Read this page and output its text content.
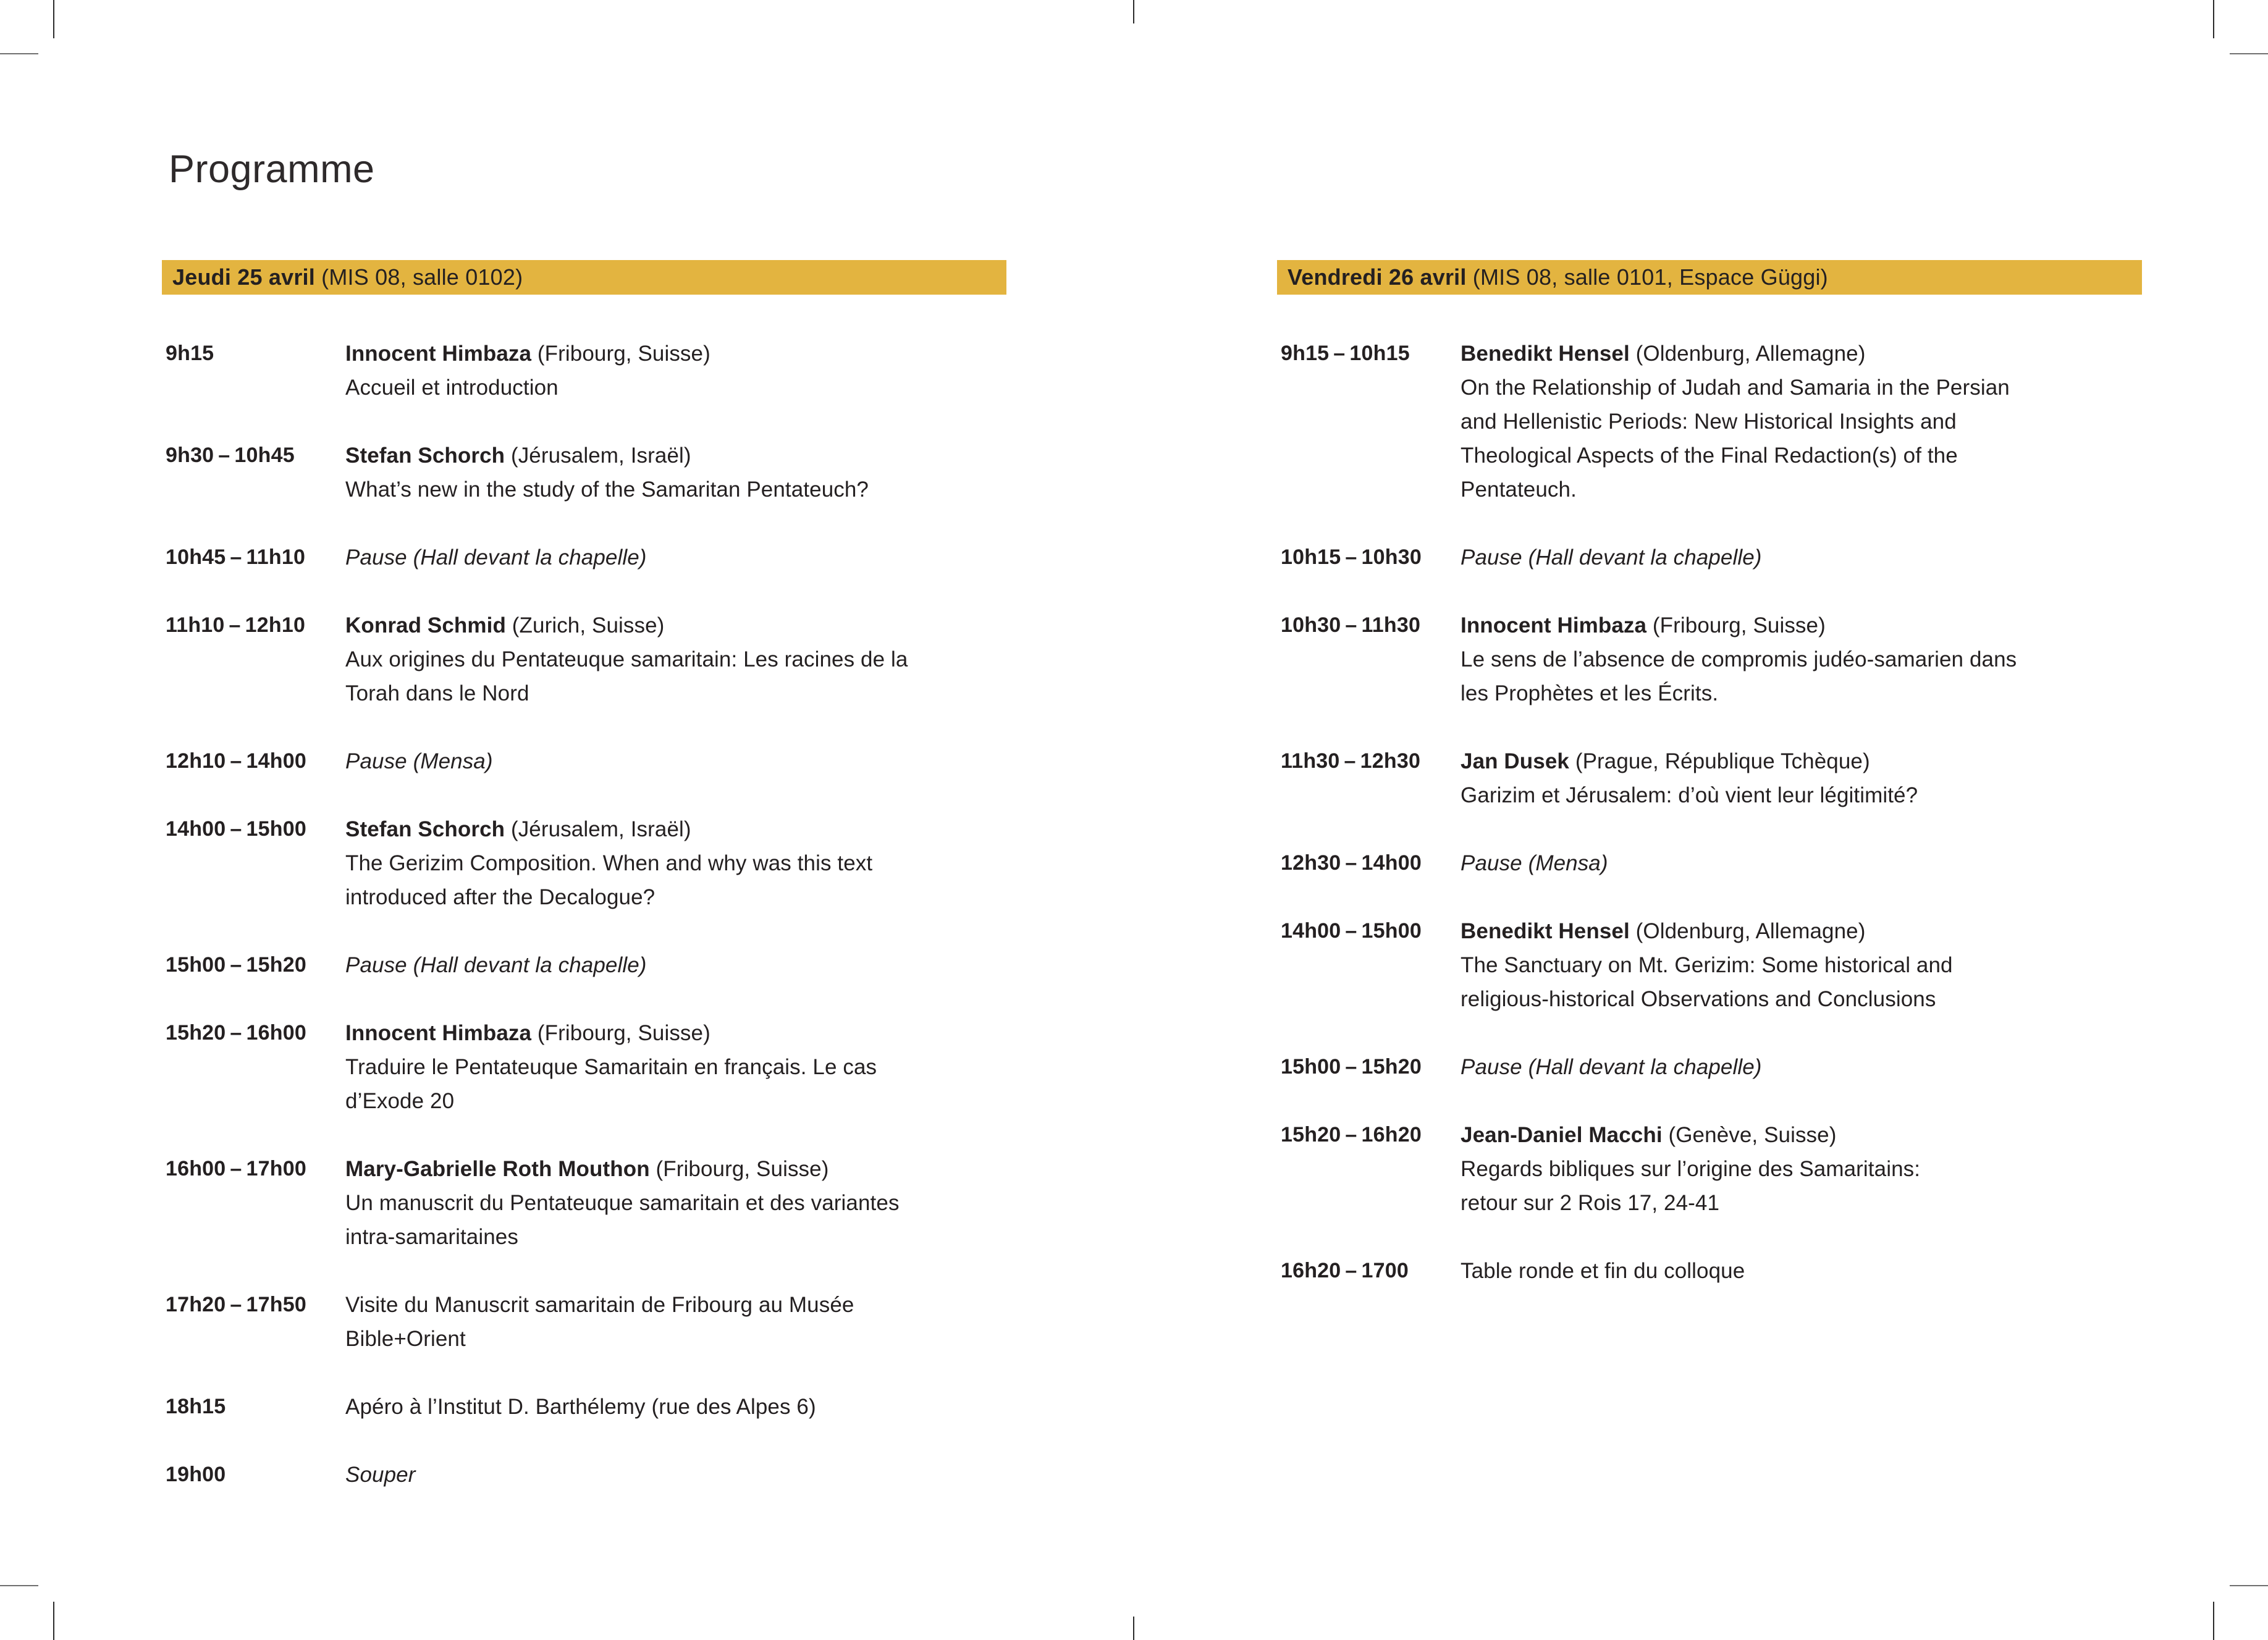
Programme
Jeudi 25 avril (MIS 08, salle 0102)
9h15	Innocent Himbaza (Fribourg, Suisse)
Accueil et introduction
9h30 – 10h45	Stefan Schorch (Jérusalem, Israël)
What’s new in the study of the Samaritan Pentateuch?
10h45 – 11h10	Pause (Hall devant la chapelle)
11h10 – 12h10	Konrad Schmid (Zurich, Suisse)
Aux origines du Pentateuque samaritain: Les racines de la
Torah dans le Nord
12h10 – 14h00	Pause (Mensa)
14h00 – 15h00	Stefan Schorch (Jérusalem, Israël)
The Gerizim Composition. When and why was this text
introduced after the Decalogue?
15h00 – 15h20	Pause (Hall devant la chapelle)
15h20 – 16h00	Innocent Himbaza (Fribourg, Suisse)
Traduire le Pentateuque Samaritain en français. Le cas
d’Exode 20
16h00 – 17h00	Mary-Gabrielle Roth Mouthon (Fribourg, Suisse)
Un manuscrit du Pentateuque samaritain et des variantes
intra-samaritaines
17h20 – 17h50	Visite du Manuscrit samaritain de Fribourg au Musée
Bible+Orient
18h15	Apéro à l’Institut D. Barthélemy (rue des Alpes 6)
19h00	Souper
Vendredi 26 avril (MIS 08, salle 0101, Espace Güggi)
9h15 – 10h15	Benedikt Hensel (Oldenburg, Allemagne)
On the Relationship of Judah and Samaria in the Persian
and Hellenistic Periods: New Historical Insights and
Theological Aspects of the Final Redaction(s) of the
Pentateuch.
10h15 – 10h30	Pause (Hall devant la chapelle)
10h30 – 11h30	Innocent Himbaza (Fribourg, Suisse)
Le sens de l’absence de compromis judéo-samarien dans
les Prophètes et les Écrits.
11h30 – 12h30	Jan Dusek (Prague, République Tchèque)
Garizim et Jérusalem: d’où vient leur légitimité?
12h30 – 14h00	Pause (Mensa)
14h00 – 15h00	Benedikt Hensel (Oldenburg, Allemagne)
The Sanctuary on Mt. Gerizim: Some historical and
religious-historical Observations and Conclusions
15h00 – 15h20	Pause (Hall devant la chapelle)
15h20 – 16h20	Jean-Daniel Macchi (Genève, Suisse)
Regards bibliques sur l’origine des Samaritains:
retour sur 2 Rois 17, 24-41
16h20 – 1700	Table ronde et fin du colloque
